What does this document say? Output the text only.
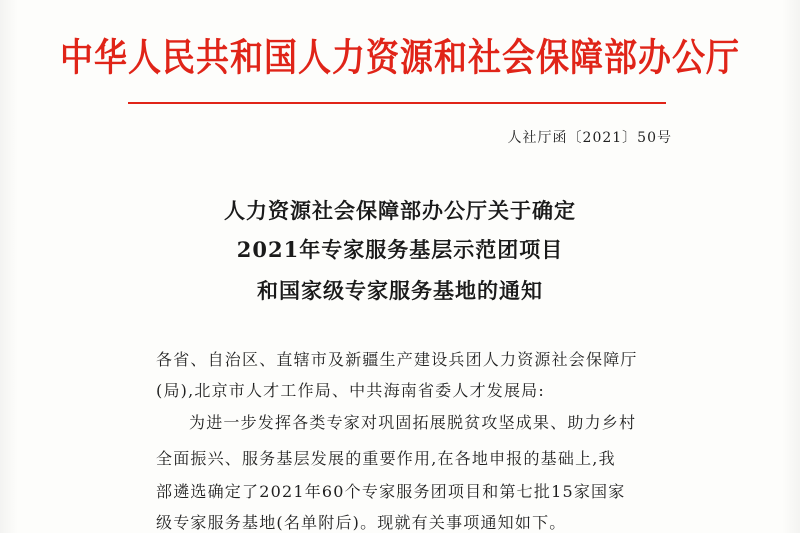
中华人民共和国人力资源和社会保障部办公厅
人社厅函〔2021〕50号
人力资源社会保障部办公厅关于确定
2021年专家服务基层示范团项目
和国家级专家服务基地的通知
各省、自治区、直辖市及新疆生产建设兵团人力资源社会保障厅
(局),北京市人才工作局、中共海南省委人才发展局:
为进一步发挥各类专家对巩固拓展脱贫攻坚成果、助力乡村
全面振兴、服务基层发展的重要作用,在各地申报的基础上,我
部遴选确定了2021年60个专家服务团项目和第七批15家国家
级专家服务基地(名单附后)。现就有关事项通知如下。
